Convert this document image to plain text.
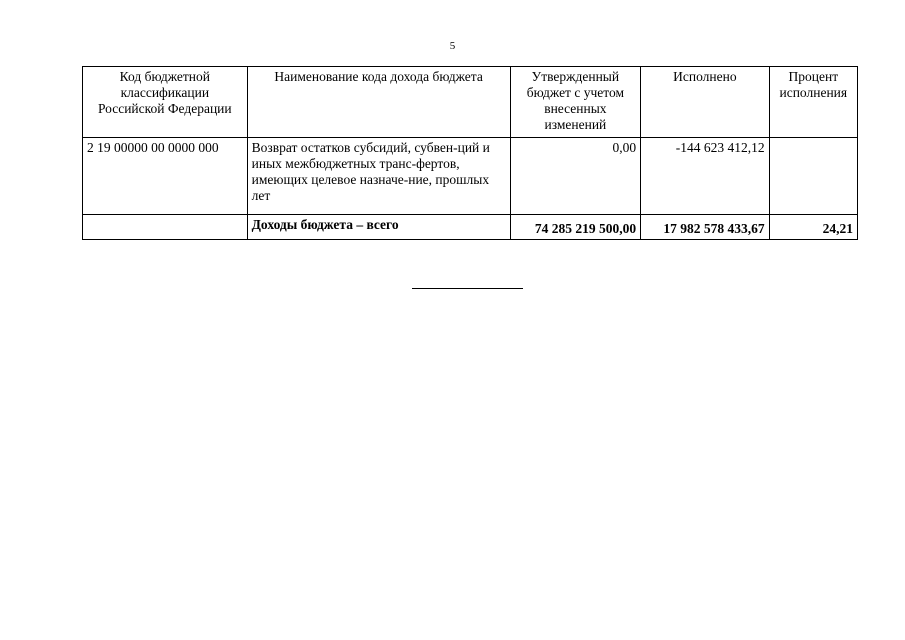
5
Код бюджетной классификации Российской Федерации	Наименование кода дохода бюджета	Утвержденный бюджет с учетом внесенных изменений	Исполнено	Процент исполнения
2 19 00000 00 0000 000	Возврат остатков субсидий, субвен-ций и иных межбюджетных транс-фертов, имеющих целевое назначе-ние, прошлых лет	0,00	-144 623 412,12	
	Доходы бюджета – всего	74 285 219 500,00	17 982 578 433,67	24,21
